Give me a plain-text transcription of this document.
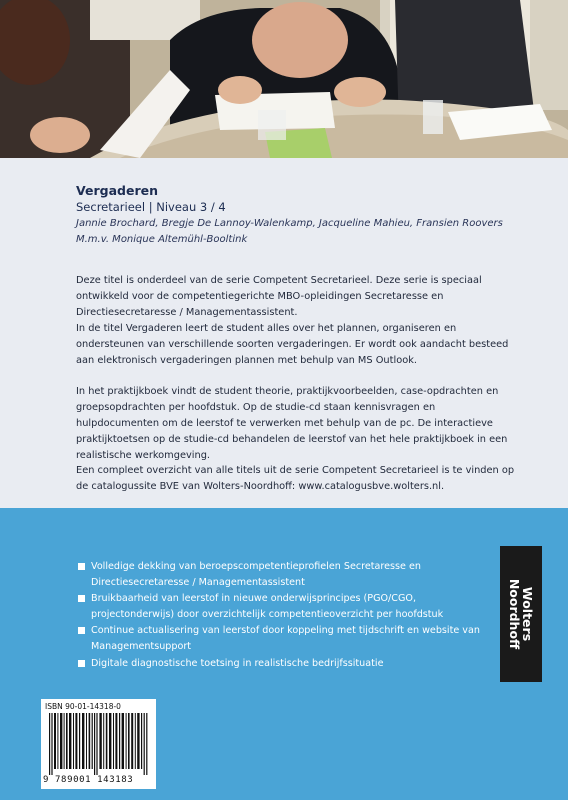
Vergaderen
Secretarieel | Niveau 3 / 4
Jannie Brochard, Bregje De Lannoy-Walenkamp, Jacqueline Mahieu, Fransien Roovers
M.m.v. Monique Altemühl-Booltink

Deze titel is onderdeel van de serie Competent Secretarieel. Deze serie is speciaal ontwikkeld voor de competentiegerichte MBO-opleidingen Secretaresse en Directiesecretaresse / Managementassistent.

In de titel Vergaderen leert de student alles over het plannen, organiseren en ondersteunen van verschillende soorten vergaderingen. Er wordt ook aandacht besteed aan elektronisch vergaderingen plannen met behulp van MS Outlook.

In het praktijkboek vindt de student theorie, praktijkvoorbeelden, case-opdrachten en groepsopdrachten per hoofdstuk. Op de studie-cd staan kennisvragen en hulpdocumenten om de leerstof te verwerken met behulp van de pc. De interactieve praktijktoetsen op de studie-cd behandelen de leerstof van het hele praktijkboek in een realistische werkomgeving.

Een compleet overzicht van alle titels uit de serie Competent Secretarieel is te vinden op de catalogussite BVE van Wolters-Noordhoff: www.catalogusbve.wolters.nl.

Volledige dekking van beroepscompetentieprofielen Secretaresse en Directiesecretaresse / Managementassistent
Bruikbaarheid van leerstof in nieuwe onderwijsprincipes (PGO/CGO, projectonderwijs) door overzichtelijk competentieoverzicht per hoofdstuk
Continue actualisering van leerstof door koppeling met tijdschrift en website van Managementsupport
Digitale diagnostische toetsing in realistische bedrijfssituatie
Wolters
Noordhoff
ISBN 90-01-14318-0
9 789001 143183
